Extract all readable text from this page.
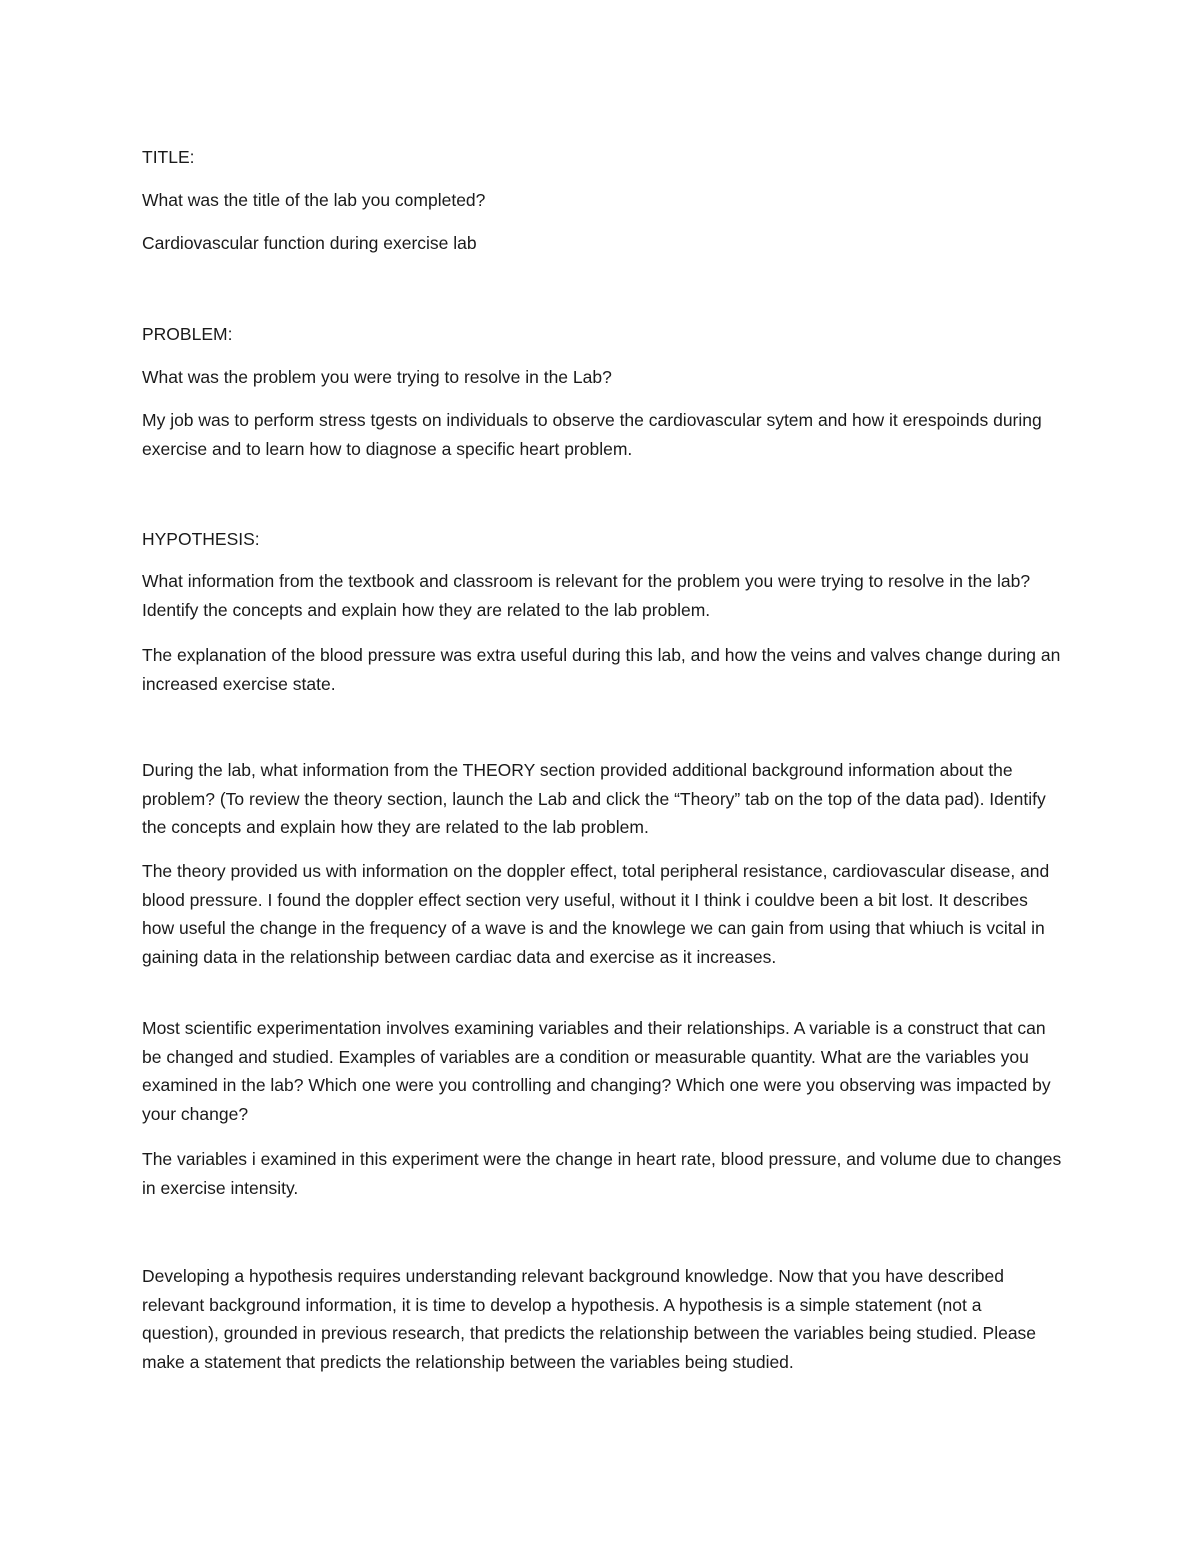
TITLE:

What was the title of the lab you completed?

Cardiovascular function during exercise lab

PROBLEM:

What was the problem you were trying to resolve in the Lab?

My job was to perform stress tgests on individuals to observe the cardiovascular sytem and how it erespoinds during exercise and to learn how to diagnose a specific heart problem.

HYPOTHESIS:

What information from the textbook and classroom is relevant for the problem you were trying to resolve in the lab? Identify the concepts and explain how they are related to the lab problem.

The explanation of the blood pressure was extra useful during this lab, and how the veins and valves change during an increased exercise state.

During the lab, what information from the THEORY section provided additional background information about the problem? (To review the theory section, launch the Lab and click the “Theory” tab on the top of the data pad). Identify the concepts and explain how they are related to the lab problem.

The theory provided us with information on the doppler effect, total peripheral resistance, cardiovascular disease, and blood pressure. I found the doppler effect section very useful, without it I think i couldve been a bit lost. It describes how useful the change in the frequency of a wave is and the knowlege we can gain from using that whiuch is vcital in gaining data in the relationship between cardiac data and exercise as it increases.

Most scientific experimentation involves examining variables and their relationships. A variable is a construct that can be changed and studied. Examples of variables are a condition or measurable quantity. What are the variables you examined in the lab? Which one were you controlling and changing? Which one were you observing was impacted by your change?

The variables i examined in this experiment were the change in heart rate, blood pressure, and volume due to changes in exercise intensity.

Developing a hypothesis requires understanding relevant background knowledge. Now that you have described relevant background information, it is time to develop a hypothesis. A hypothesis is a simple statement (not a question), grounded in previous research, that predicts the relationship between the variables being studied. Please make a statement that predicts the relationship between the variables being studied.
